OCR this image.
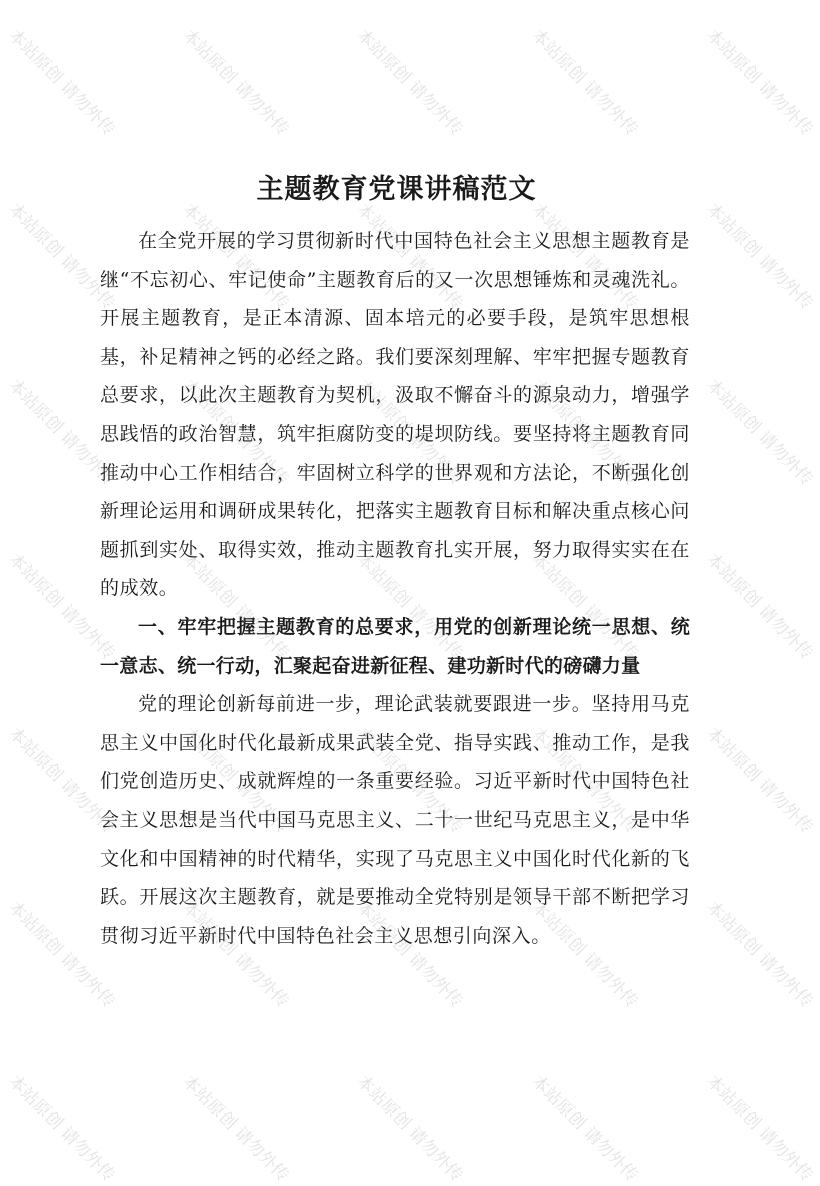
主题教育党课讲稿范文

在全党开展的学习贯彻新时代中国特色社会主义思想主题教育是继“不忘初心、牢记使命”主题教育后的又一次思想锤炼和灵魂洗礼。开展主题教育，是正本清源、固本培元的必要手段，是筑牢思想根基，补足精神之钙的必经之路。我们要深刻理解、牢牢把握专题教育总要求，以此次主题教育为契机，汲取不懈奋斗的源泉动力，增强学思践悟的政治智慧，筑牢拒腐防变的堤坝防线。要坚持将主题教育同推动中心工作相结合，牢固树立科学的世界观和方法论，不断强化创新理论运用和调研成果转化，把落实主题教育目标和解决重点核心问题抓到实处、取得实效，推动主题教育扎实开展，努力取得实实在在的成效。

一、牢牢把握主题教育的总要求，用党的创新理论统一思想、统一意志、统一行动，汇聚起奋进新征程、建功新时代的磅礴力量

党的理论创新每前进一步，理论武装就要跟进一步。坚持用马克思主义中国化时代化最新成果武装全党、指导实践、推动工作，是我们党创造历史、成就辉煌的一条重要经验。习近平新时代中国特色社会主义思想是当代中国马克思主义、二十一世纪马克思主义，是中华文化和中国精神的时代精华，实现了马克思主义中国化时代化新的飞跃。开展这次主题教育，就是要推动全党特别是领导干部不断把学习贯彻习近平新时代中国特色社会主义思想引向深入。

本站原创 请勿外传	本站原创 请勿外传	本站原创 请勿外传	本站原创 请勿外传	本站原创 请勿外传
本站原创 请勿外传	本站原创 请勿外传	本站原创 请勿外传	本站原创 请勿外传	本站原创 请勿外传
本站原创 请勿外传	本站原创 请勿外传	本站原创 请勿外传	本站原创 请勿外传	本站原创 请勿外传
本站原创 请勿外传	本站原创 请勿外传	本站原创 请勿外传	本站原创 请勿外传	本站原创 请勿外传
本站原创 请勿外传	本站原创 请勿外传	本站原创 请勿外传	本站原创 请勿外传	本站原创 请勿外传
本站原创 请勿外传	本站原创 请勿外传	本站原创 请勿外传	本站原创 请勿外传	本站原创 请勿外传
本站原创 请勿外传	本站原创 请勿外传	本站原创 请勿外传	本站原创 请勿外传	本站原创 请勿外传
